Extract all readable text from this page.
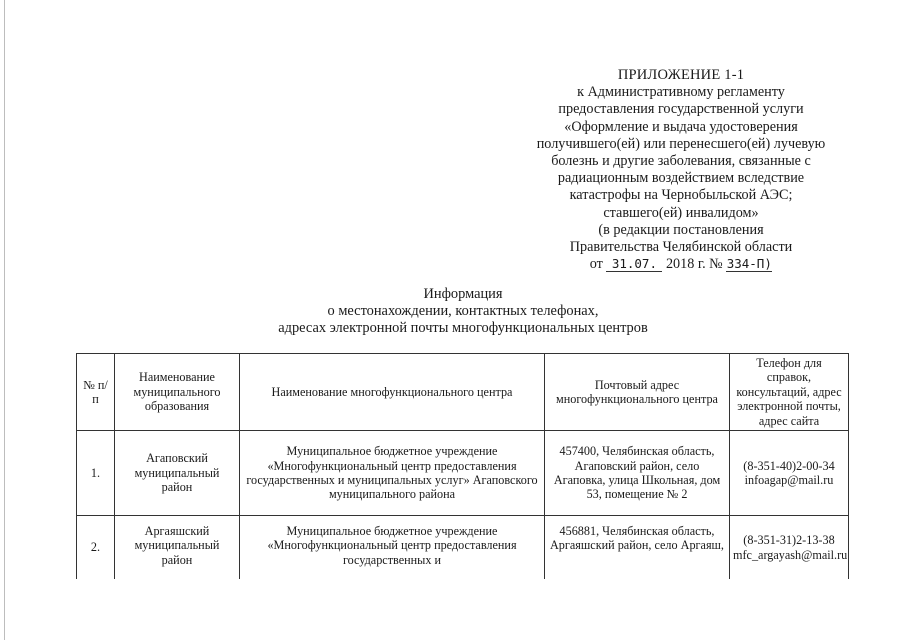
ПРИЛОЖЕНИЕ 1-1
к Административному регламенту
предоставления государственной услуги
«Оформление и выдача удостоверения
получившего(ей) или перенесшего(ей) лучевую
болезнь и другие заболевания, связанные с
радиационным воздействием вследствие
катастрофы на Чернобыльской АЭС;
ставшего(ей) инвалидом»
(в редакции постановления
Правительства Челябинской области
от 31.07. 2018 г. № 334-П)
Информация
о местонахождении, контактных телефонах,
адресах электронной почты многофункциональных центров
№ п/п	Наименование муниципального образования	Наименование многофункционального центра	Почтовый адрес многофункционального центра	Телефон для справок, консультаций, адрес электронной почты, адрес сайта
1.	Агаповский муниципальный район	Муниципальное бюджетное учреждение «Многофункциональный центр предоставления государственных и муниципальных услуг» Агаповского муниципального района	457400, Челябинская область, Агаповский район, село Агаповка, улица Школьная, дом 53, помещение № 2	(8-351-40)2-00-34
infoagap@mail.ru

2.	Аргаяшский муниципальный район	Муниципальное бюджетное учреждение «Многофункциональный центр предоставления государственных и	456881, Челябинская область, Аргаяшский район, село Аргаяш,	(8-351-31)2-13-38
mfc_argayash@mail.ru
